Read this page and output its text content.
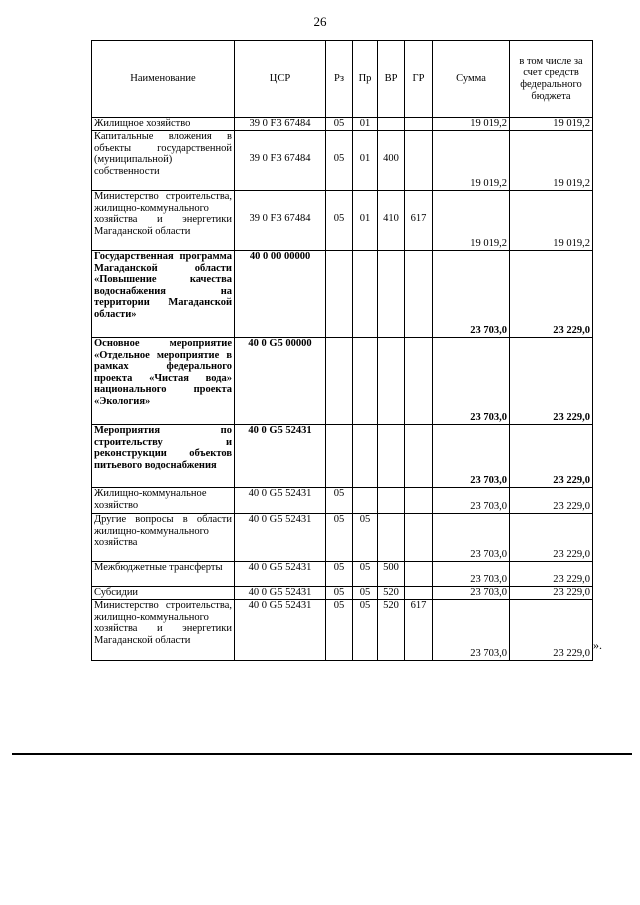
26
Наименование	ЦСР	Рз	Пр	ВР	ГР	Сумма	в том числе за счет средств федерального бюджета
Жилищное хозяйство	39 0 F3 67484	05	01			19 019,2	19 019,2
Капитальные вложения в объекты государственной (муниципальной) собственности	39 0 F3 67484	05	01	400		19 019,2	19 019,2
Министерство строительства, жилищно-коммунального хозяйства и энергетики Магаданской области	39 0 F3 67484	05	01	410	617	19 019,2	19 019,2
Государственная программа Магаданской области «Повышение качества водоснабжения на территории Магаданской области»	40 0 00 00000					23 703,0	23 229,0
Основное мероприятие «Отдельное мероприятие в рамках федерального проекта «Чистая вода» национального проекта «Экология»	40 0 G5 00000					23 703,0	23 229,0
Мероприятия по строительству и реконструкции объектов питьевого водоснабжения	40 0 G5 52431					23 703,0	23 229,0
Жилищно-коммунальное хозяйство	40 0 G5 52431	05				23 703,0	23 229,0
Другие вопросы в области жилищно-коммунального хозяйства	40 0 G5 52431	05	05			23 703,0	23 229,0
Межбюджетные трансферты	40 0 G5 52431	05	05	500		23 703,0	23 229,0
Субсидии	40 0 G5 52431	05	05	520		23 703,0	23 229,0
Министерство строительства, жилищно-коммунального хозяйства и энергетики Магаданской области	40 0 G5 52431	05	05	520	617	23 703,0	23 229,0
».
